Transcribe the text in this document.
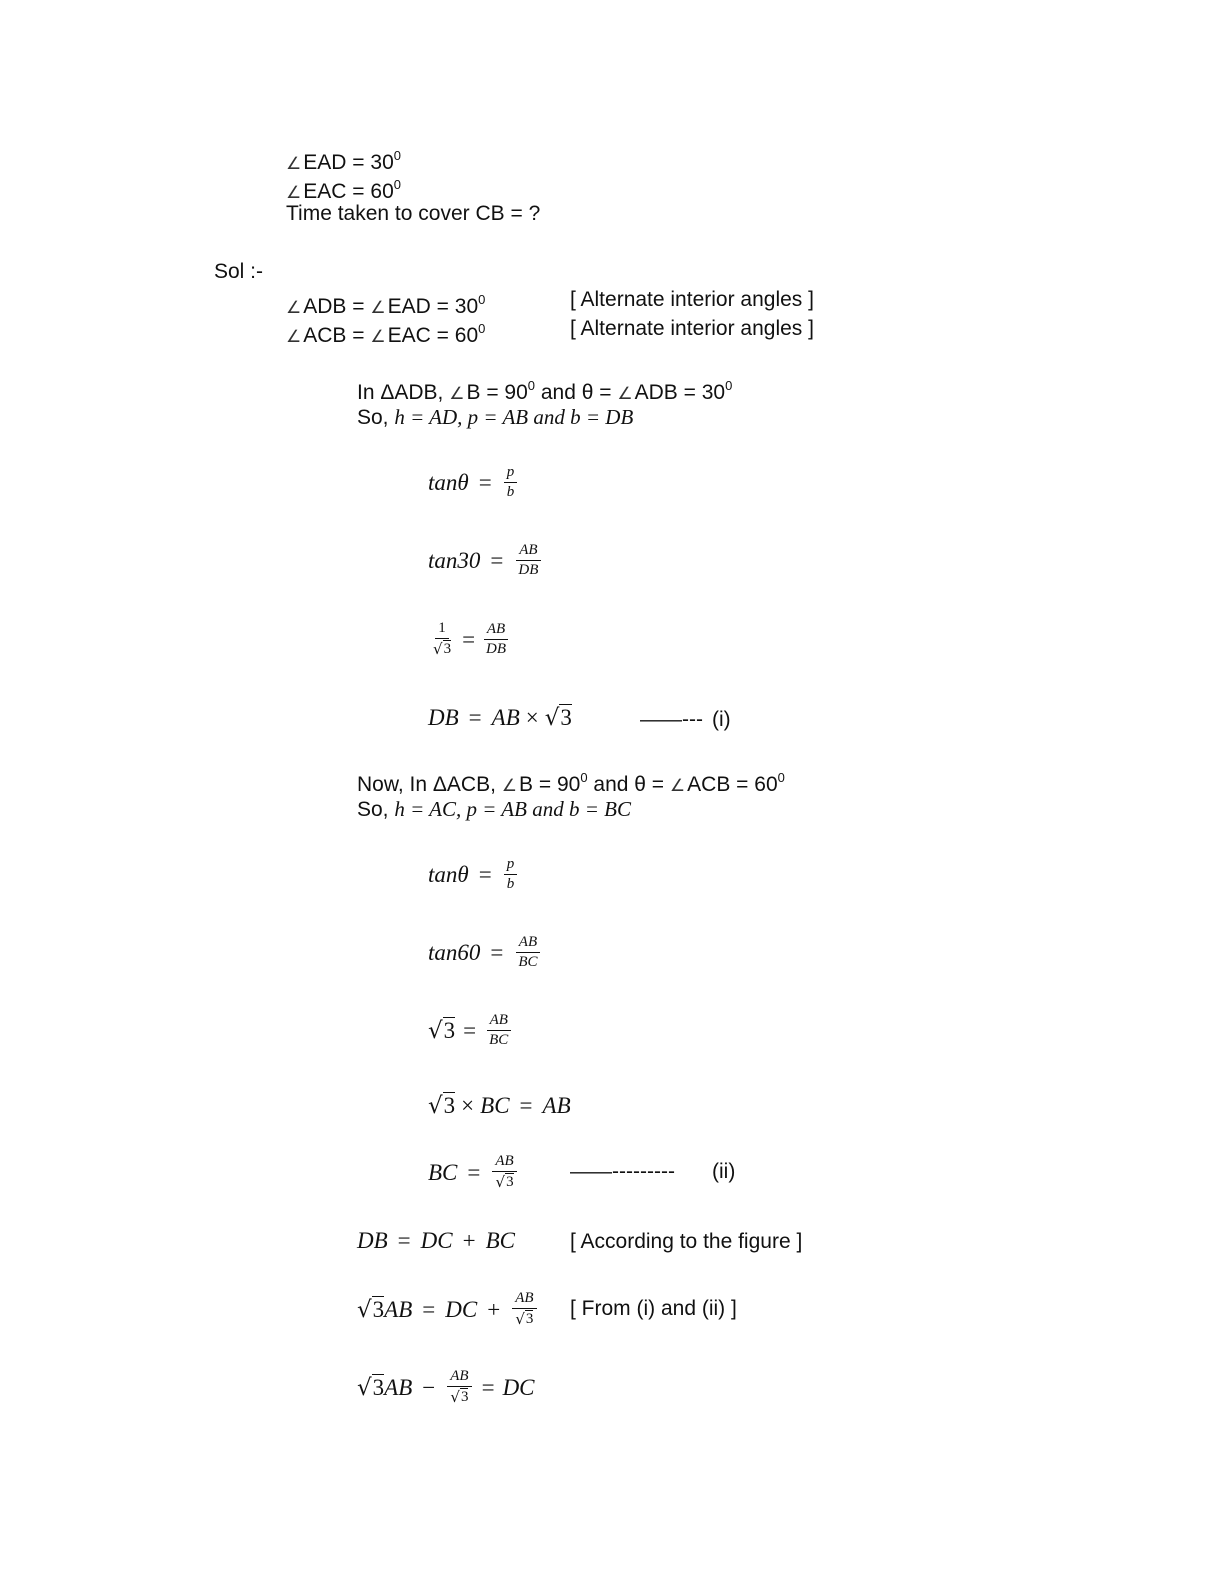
∠EAD = $30^0$
∠EAC = $60^0$
Time taken to cover CB = ?
Sol :-
∠ADB = ∠EAD = $30^0$	[ Alternate interior angles ]
∠ACB = ∠EAC = $60^0$	[ Alternate interior angles ]
In ΔADB, ∠B = $90^0$ and θ = ∠ADB = $30^0$
So, h = AD, p = AB and b = DB
$\tan\theta = \frac{p}{b}$
$\tan 30 = \frac{AB}{DB}$
$\frac{1}{√ 3} = \frac{AB}{DB}$
DB = AB × √ 3	——--- (i)
Now, In ΔACB, ∠B = $90^0$ and θ = ∠ACB = $60^0$
So, h = AC, p = AB and b = BC
$\tan\theta = \frac{p}{b}$
$\tan 60 = \frac{AB}{BC}$
√ $3 = \frac{AB}{BC}$
√ 3 × BC = AB
BC = $\frac{AB}{√ 3}$	——--------- (ii)
DB = DC + BC	[ According to the figure ]
√ 3 AB = DC + $\frac{AB}{√ 3}$ [ From (i) and (ii) ]
√ 3 AB − $\frac{AB}{√ 3}$ = DC
